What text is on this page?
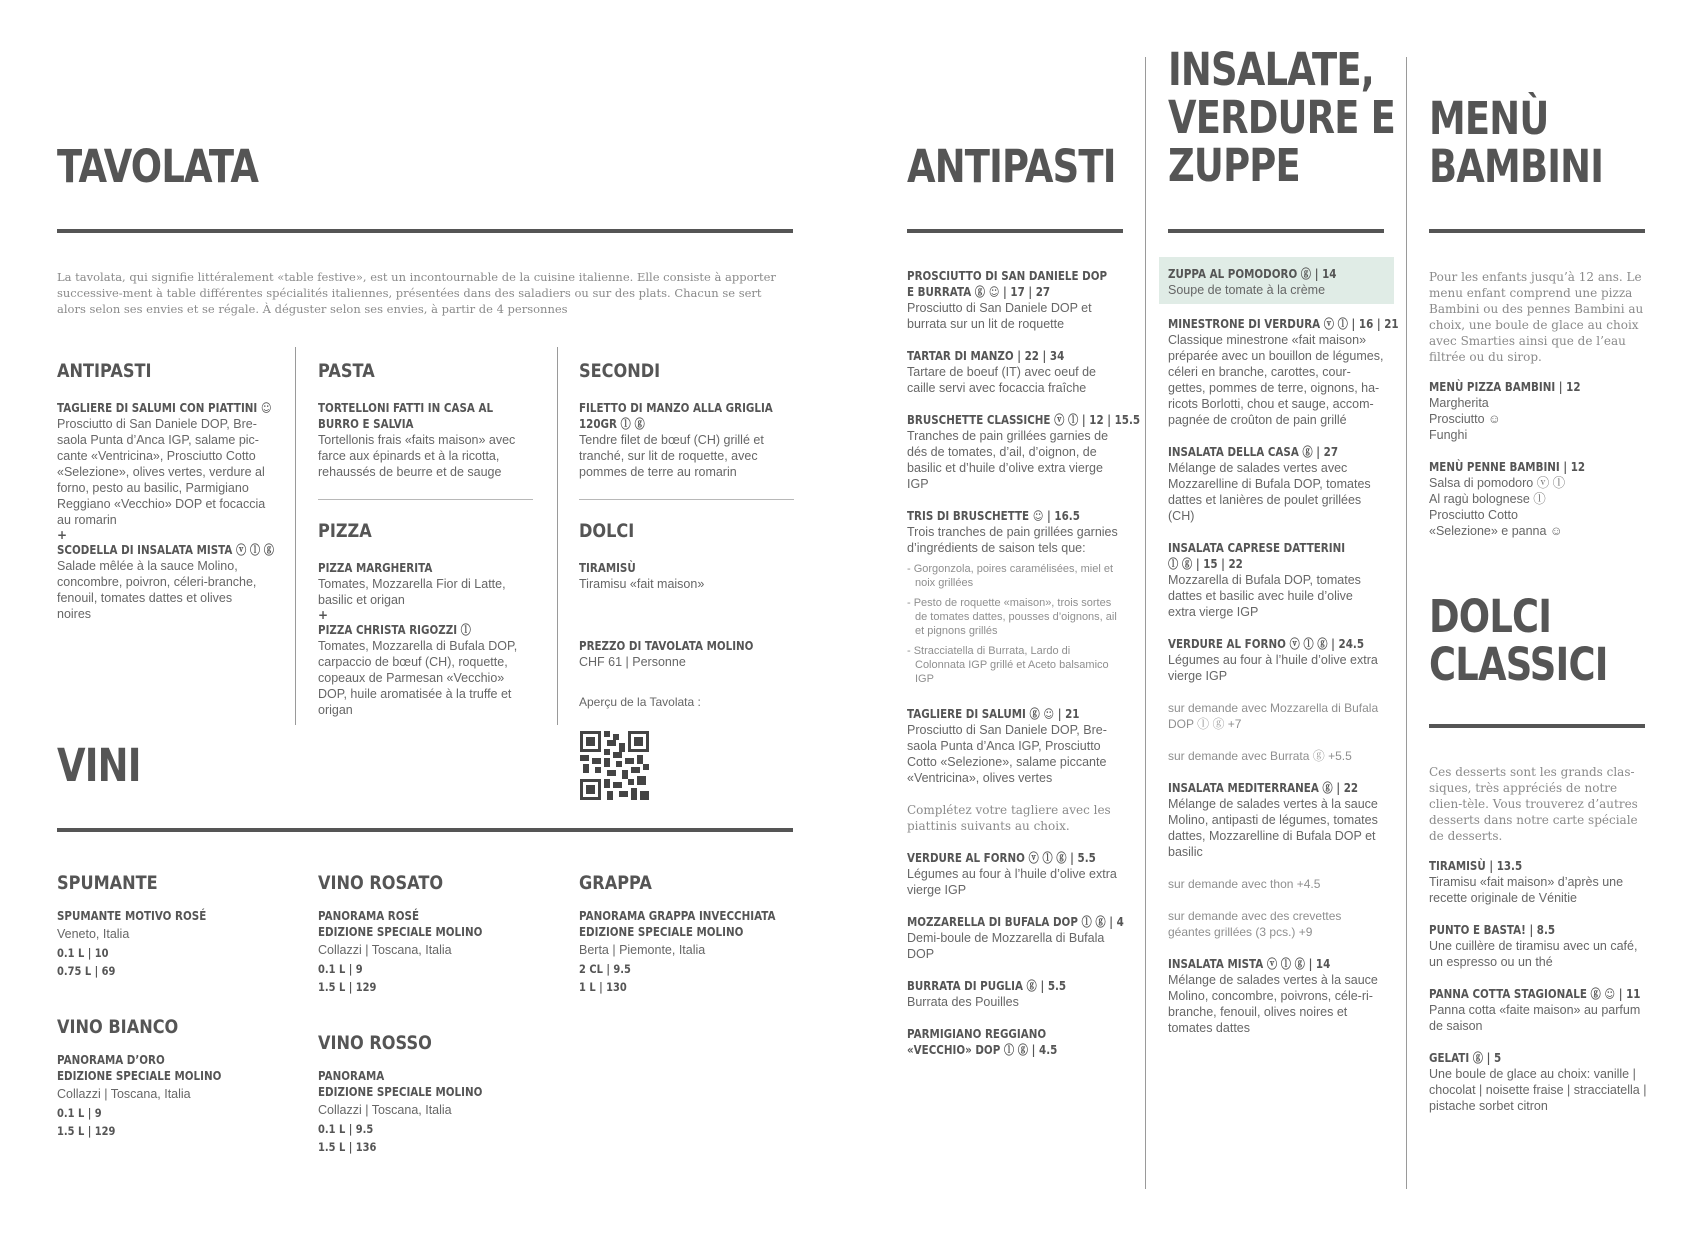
TAVOLATA
La tavolata, qui signifie littéralement «table festive», est un incontournable de la cuisine italienne. Elle consiste à apporter successive-ment à table différentes spécialités italiennes, présentées dans des saladiers ou sur des plats. Chacun se sert alors selon ses envies et se régale. À déguster selon ses envies, à partir de 4 personnes
ANTIPASTI
TAGLIERE DI SALUMI CON PIATTINI ☺
Prosciutto di San Daniele DOP, Bre-saola Punta d’Anca IGP, salame pic-cante «Ventricina», Prosciutto Cotto «Selezione», olives vertes, verdure al forno, pesto au basilic, Parmigiano Reggiano «Vecchio» DOP et focaccia au romarin
+
SCODELLA DI INSALATA MISTA ⓥ ⓛ ⓖ
Salade mêlée à la sauce Molino, concombre, poivron, céleri-branche, fenouil, tomates dattes et olives noires
PASTA
TORTELLONI FATTI IN CASA AL
BURRO E SALVIA
Tortellonis frais «faits maison» avec farce aux épinards et à la ricotta, rehaussés de beurre et de sauge
PIZZA
PIZZA MARGHERITA
Tomates, Mozzarella Fior di Latte, basilic et origan
+
PIZZA CHRISTA RIGOZZI ⓛ
Tomates, Mozzarella di Bufala DOP, carpaccio de bœuf (CH), roquette, copeaux de Parmesan «Vecchio» DOP, huile aromatisée à la truffe et origan
SECONDI
FILETTO DI MANZO ALLA GRIGLIA
120GR ⓛ ⓖ
Tendre filet de bœuf (CH) grillé et tranché, sur lit de roquette, avec pommes de terre au romarin
DOLCI
TIRAMISÙ
Tiramisu «fait maison»
PREZZO DI TAVOLATA MOLINO
CHF 61 | Personne
Aperçu de la Tavolata :
VINI
SPUMANTE
SPUMANTE MOTIVO ROSÉ
Veneto, Italia
0.1 L | 10
0.75 L | 69
VINO BIANCO
PANORAMA D’ORO
EDIZIONE SPECIALE MOLINO
Collazzi | Toscana, Italia
0.1 L | 9
1.5 L | 129
VINO ROSATO
PANORAMA ROSÉ
EDIZIONE SPECIALE MOLINO
Collazzi | Toscana, Italia
0.1 L | 9
1.5 L | 129
VINO ROSSO
PANORAMA
EDIZIONE SPECIALE MOLINO
Collazzi | Toscana, Italia
0.1 L | 9.5
1.5 L | 136
GRAPPA
PANORAMA GRAPPA INVECCHIATA
EDIZIONE SPECIALE MOLINO
Berta | Piemonte, Italia
2 CL | 9.5
1 L | 130
ANTIPASTI
PROSCIUTTO DI SAN DANIELE DOP
E BURRATA ⓖ ☺ | 17 | 27
Prosciutto di San Daniele DOP et burrata sur un lit de roquette
TARTAR DI MANZO | 22 | 34
Tartare de boeuf (IT) avec oeuf de caille servi avec focaccia fraîche
BRUSCHETTE CLASSICHE ⓥ ⓛ | 12 | 15.5
Tranches de pain grillées garnies de dés de tomates, d’ail, d’oignon, de basilic et d’huile d’olive extra vierge IGP
TRIS DI BRUSCHETTE ☺ | 16.5
Trois tranches de pain grillées garnies d’ingrédients de saison tels que:
- Gorgonzola, poires caramélisées, miel et noix grillées
- Pesto de roquette «maison», trois sortes de tomates dattes, pousses d’oignons, ail et pignons grillés
- Stracciatella di Burrata, Lardo di Colonnata IGP grillé et Aceto balsamico IGP
TAGLIERE DI SALUMI ⓖ ☺ | 21
Prosciutto di San Daniele DOP, Bre-saola Punta d’Anca IGP, Prosciutto Cotto «Selezione», salame piccante «Ventricina», olives vertes
Complétez votre tagliere avec les piattinis suivants au choix.
VERDURE AL FORNO ⓥ ⓛ ⓖ | 5.5
Légumes au four à l’huile d’olive extra vierge IGP
MOZZARELLA DI BUFALA DOP ⓛ ⓖ | 4
Demi-boule de Mozzarella di Bufala DOP
BURRATA DI PUGLIA ⓖ | 5.5
Burrata des Pouilles
PARMIGIANO REGGIANO
«VECCHIO» DOP ⓛ ⓖ | 4.5
INSALATE,
VERDURE E
ZUPPE
ZUPPA AL POMODORO ⓖ | 14
Soupe de tomate à la crème
MINESTRONE DI VERDURA ⓥ ⓛ | 16 | 21
Classique minestrone «fait maison» préparée avec un bouillon de légumes, céleri en branche, carottes, cour-gettes, pommes de terre, oignons, ha-ricots Borlotti, chou et sauge, accom-pagnée de croûton de pain grillé
INSALATA DELLA CASA ⓖ | 27
Mélange de salades vertes avec Mozzarelline di Bufala DOP, tomates dattes et lanières de poulet grillées (CH)
INSALATA CAPRESE DATTERINI
ⓛ ⓖ | 15 | 22
Mozzarella di Bufala DOP, tomates dattes et basilic avec huile d’olive extra vierge IGP
VERDURE AL FORNO ⓥ ⓛ ⓖ | 24.5
Légumes au four à l’huile d’olive extra vierge IGP
sur demande avec Mozzarella di Bufala DOP ⓛ ⓖ +7
sur demande avec Burrata ⓖ +5.5
INSALATA MEDITERRANEA ⓖ | 22
Mélange de salades vertes à la sauce Molino, antipasti de légumes, tomates dattes, Mozzarelline di Bufala DOP et basilic
sur demande avec thon +4.5
sur demande avec des crevettes géantes grillées (3 pcs.) +9
INSALATA MISTA ⓥ ⓛ ⓖ | 14
Mélange de salades vertes à la sauce Molino, concombre, poivrons, céle-ri-branche, fenouil, olives noires et tomates dattes
MENÙ
BAMBINI
Pour les enfants jusqu’à 12 ans. Le menu enfant comprend une pizza Bambini ou des pennes Bambini au choix, une boule de glace au choix avec Smarties ainsi que de l’eau filtrée ou du sirop.
MENÙ PIZZA BAMBINI | 12
Margherita
Prosciutto ☺
Funghi
MENÙ PENNE BAMBINI | 12
Salsa di pomodoro ⓥ ⓛ
Al ragù bolognese ⓛ
Prosciutto Cotto
«Selezione» e panna ☺
DOLCI
CLASSICI
Ces desserts sont les grands clas-siques, très appréciés de notre clien-tèle. Vous trouverez d’autres desserts dans notre carte spéciale de desserts.
TIRAMISÙ | 13.5
Tiramisu «fait maison» d’après une recette originale de Vénitie
PUNTO E BASTA! | 8.5
Une cuillère de tiramisu avec un café, un espresso ou un thé
PANNA COTTA STAGIONALE ⓖ ☺ | 11
Panna cotta «faite maison» au parfum de saison
GELATI ⓖ | 5
Une boule de glace au choix: vanille | chocolat | noisette fraise | stracciatella | pistache sorbet citron
